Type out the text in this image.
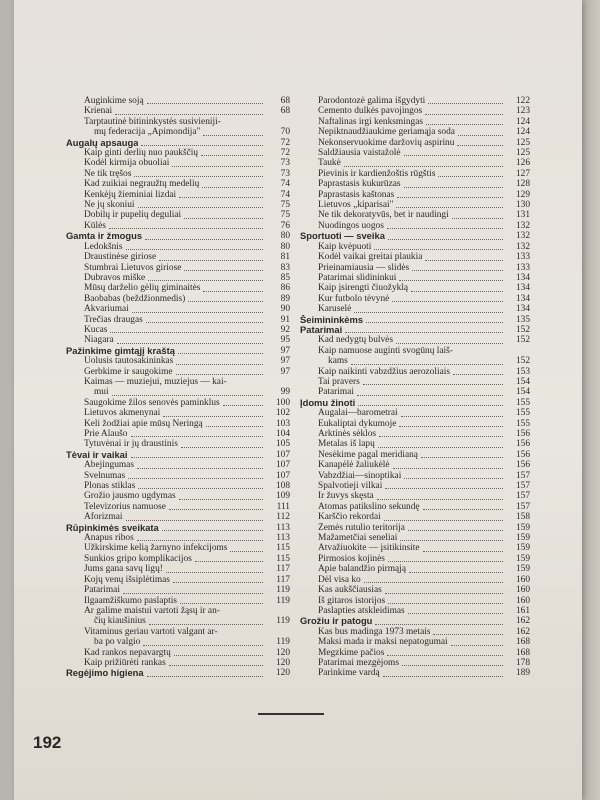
Auginkime soją	68
Krienai	68
Tarptautinė bitininkystės susivieniji-
mų federacija „Apimondija"	70
Augalų apsauga	72
Kaip ginti derlių nuo paukščių	72
Kodėl kirmija obuoliai	73
Ne tik tręšos	73
Kad zuikiai negraužtų medelių	74
Kenkėjų žieminiai lizdai	74
Ne jų skoniui	75
Dobilų ir pupelių deguliai	75
Kūlės	76
Gamta ir žmogus	80
Ledokšnis	80
Draustinėse giriose	81
Stumbrai Lietuvos giriose	83
Dubravos miške	85
Mūsų darželio gėlių giminaitės	86
Baobabas (beždžionmedis)	89
Akvariumai	90
Trečias draugas	91
Kucas	92
Niagara	95
Pažinkime gimtąjį kraštą	97
Uolusis tautosakininkas	97
Gerbkime ir saugokime	97
Kaimas — muziejui, muziejus — kai-
mui	99
Saugokime žilos senovės paminklus	100
Lietuvos akmenynai	102
Keli žodžiai apie mūsų Neringą	103
Prie Alaušo	104
Tytuvėnai ir jų draustinis	105
Tėvai ir vaikai	107
Abejingumas	107
Švelnumas	107
Plonas stiklas	108
Grožio jausmo ugdymas	109
Televizorius namuose	111
Aforizmai	112
Rūpinkimės sveikata	113
Anapus ribos	113
Užkirskime kelią žarnyno infekcijoms	115
Sunkios gripo komplikacijos	115
Jums gana savų ligų!	117
Kojų venų išsiplėtimas	117
Patarimai	119
Ilgaamžiškumo paslaptis	119
Ar galime maistui vartoti žąsų ir an-
čių kiaušinius	119
Vitaminus geriau vartoti valgant ar-
ba po valgio	119
Kad rankos nepavargtų	120
Kaip prižiūrėti rankas	120
Regėjimo higiena	120
Parodontozė galima išgydyti	122
Cemento dulkės pavojingos	123
Naftalinas irgi kenksmingas	124
Nepiktnaudžiaukime geriamąja soda	124
Nekonservuokime daržovių aspirinu	125
Saldžiausia vaistažolė	125
Taukė	126
Pievinis ir kardienžoštis rūgštis	127
Paprastasis kukurūzas	128
Paprastasis kaštonas	129
Lietuvos „kiparisai"	130
Ne tik dekoratyvūs, bet ir naudingi	131
Nuodingos uogos	132
Sportuoti — sveika	132
Kaip kvėpuoti	132
Kodėl vaikai greitai plaukia	133
Prieinamiausia — slidės	133
Patarimai slidininkui	134
Kaip įsirengti čiuožyklą	134
Kur futbolo tėvynė	134
Karuselė	134
Šeimininkėms	135
Patarimai	152
Kad nedygtų bulvės	152
Kaip namuose auginti svogūnų laiš-
kams	152
Kaip naikinti vabzdžius aerozoliais	153
Tai pravers	154
Patarimai	154
Įdomu žinoti	155
Augalai—barometrai	155
Eukaliptai dykumoje	155
Arktinės sėklos	156
Metalas iš lapų	156
Nesėkime pagal meridianą	156
Kanapėlė žaliukėlė	156
Vabzdžiai—sinoptikai	157
Spalvotieji vilkai	157
Ir žuvys skęsta	157
Atomas patikslino sekundę	157
Karščio rekordai	158
Žemės rutulio teritorija	159
Mažametčiai seneliai	159
Atvažiuokite — įsitikinsite	159
Pirmosios kojinės	159
Apie balandžio pirmąją	159
Dėl visa ko	160
Kas aukščiausias	160
Iš gitaros istorijos	160
Paslapties atskleidimas	161
Grožiu ir patogu	162
Kas bus madinga 1973 metais	162
Maksi mada ir maksi nepatogumai	168
Megzkime pačios	168
Patarimai mezgėjoms	178
Parinkime vardą	189
192
